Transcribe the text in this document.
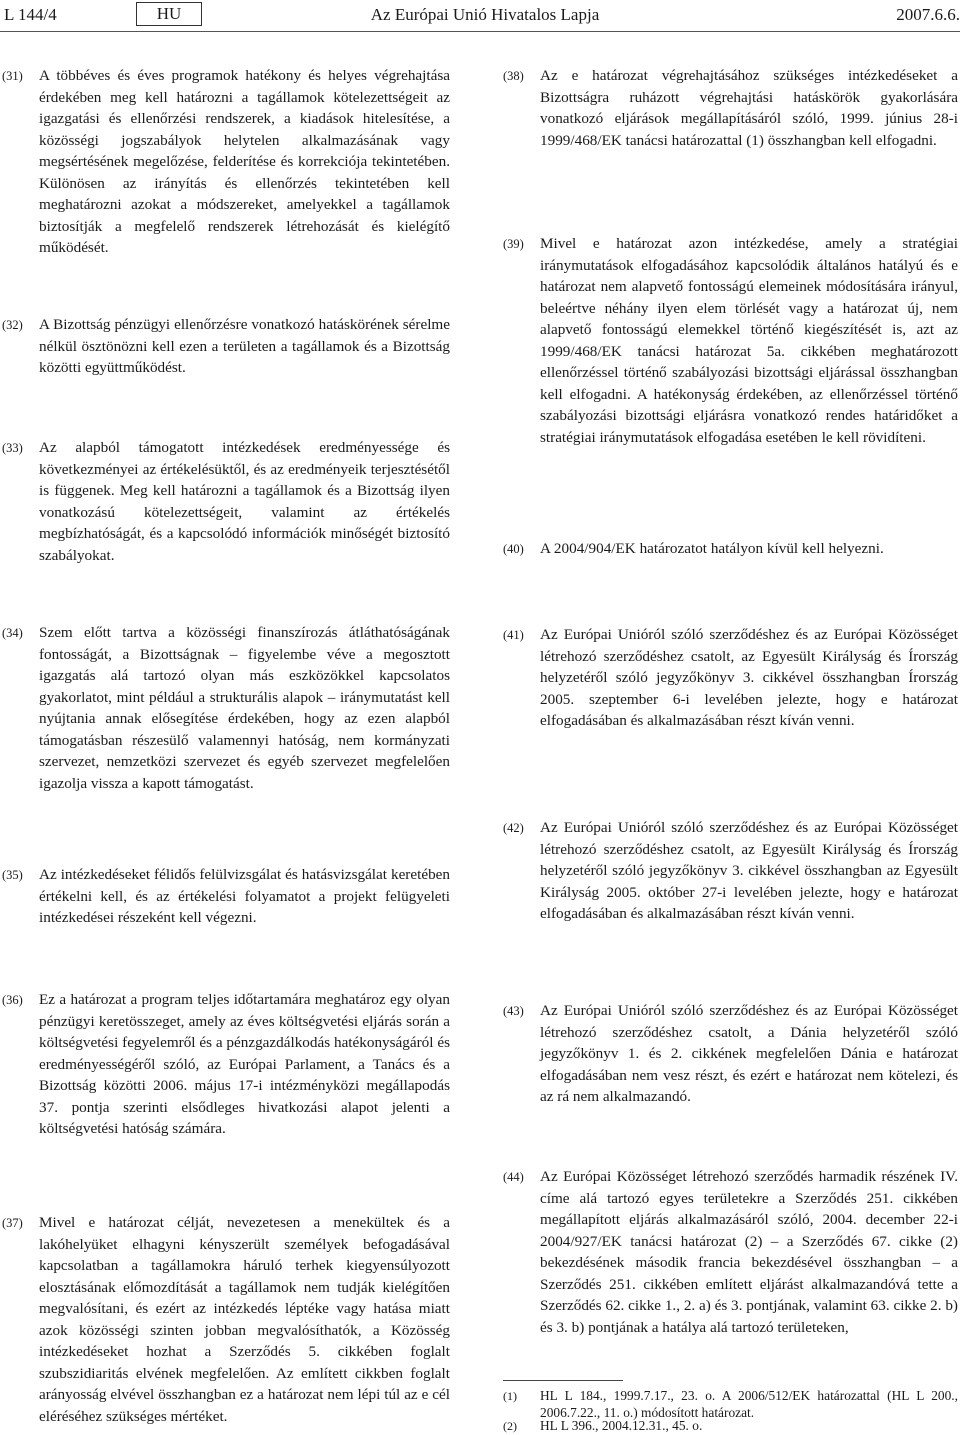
L 144/4	HU	Az Európai Unió Hivatalos Lapja	2007.6.6.
(31) A többéves és éves programok hatékony és helyes végrehajtása érdekében meg kell határozni a tagállamok kötelezettségeit az igazgatási és ellenőrzési rendszerek, a kiadások hitelesítése, a közösségi jogszabályok helytelen alkalmazásának vagy megsértésének megelőzése, felderítése és korrekciója tekintetében. Különösen az irányítás és ellenőrzés tekintetében kell meghatározni azokat a módszereket, amelyekkel a tagállamok biztosítják a megfelelő rendszerek létrehozását és kielégítő működését.
(32) A Bizottság pénzügyi ellenőrzésre vonatkozó hatáskörének sérelme nélkül ösztönözni kell ezen a területen a tagállamok és a Bizottság közötti együttműködést.
(33) Az alapból támogatott intézkedések eredményessége és következményei az értékelésüktől, és az eredményeik terjesztésétől is függenek. Meg kell határozni a tagállamok és a Bizottság ilyen vonatkozású kötelezettségeit, valamint az értékelés megbízhatóságát, és a kapcsolódó információk minőségét biztosító szabályokat.
(34) Szem előtt tartva a közösségi finanszírozás átláthatóságának fontosságát, a Bizottságnak – figyelembe véve a megosztott igazgatás alá tartozó olyan más eszközökkel kapcsolatos gyakorlatot, mint például a strukturális alapok – iránymutatást kell nyújtania annak elősegítése érdekében, hogy az ezen alapból támogatásban részesülő valamennyi hatóság, nem kormányzati szervezet, nemzetközi szervezet és egyéb szervezet megfelelően igazolja vissza a kapott támogatást.
(35) Az intézkedéseket félidős felülvizsgálat és hatásvizsgálat keretében értékelni kell, és az értékelési folyamatot a projekt felügyeleti intézkedései részeként kell végezni.
(36) Ez a határozat a program teljes időtartamára meghatároz egy olyan pénzügyi keretösszeget, amely az éves költségvetési eljárás során a költségvetési fegyelemről és a pénzgazdálkodás hatékonyságáról és eredményességéről szóló, az Európai Parlament, a Tanács és a Bizottság közötti 2006. május 17-i intézményközi megállapodás 37. pontja szerinti elsődleges hivatkozási alapot jelenti a költségvetési hatóság számára.
(37) Mivel e határozat célját, nevezetesen a menekültek és a lakóhelyüket elhagyni kényszerült személyek befogadásával kapcsolatban a tagállamokra háruló terhek kiegyensúlyozott elosztásának előmozdítását a tagállamok nem tudják kielégítően megvalósítani, és ezért az intézkedés léptéke vagy hatása miatt azok közösségi szinten jobban megvalósíthatók, a Közösség intézkedéseket hozhat a Szerződés 5. cikkében foglalt szubszidiaritás elvének megfelelően. Az említett cikkben foglalt arányosság elvével összhangban ez a határozat nem lépi túl az e cél eléréséhez szükséges mértéket.
(38) Az e határozat végrehajtásához szükséges intézkedéseket a Bizottságra ruházott végrehajtási hatáskörök gyakorlására vonatkozó eljárások megállapításáról szóló, 1999. június 28-i 1999/468/EK tanácsi határozattal (1) összhangban kell elfogadni.
(39) Mivel e határozat azon intézkedése, amely a stratégiai iránymutatások elfogadásához kapcsolódik általános hatályú és e határozat nem alapvető fontosságú elemeinek módosítására irányul, beleértve néhány ilyen elem törlését vagy a határozat új, nem alapvető fontosságú elemekkel történő kiegészítését is, azt az 1999/468/EK tanácsi határozat 5a. cikkében meghatározott ellenőrzéssel történő szabályozási bizottsági eljárással összhangban kell elfogadni. A hatékonyság érdekében, az ellenőrzéssel történő szabályozási bizottsági eljárásra vonatkozó rendes határidőket a stratégiai iránymutatások elfogadása esetében le kell rövidíteni.
(40) A 2004/904/EK határozatot hatályon kívül kell helyezni.
(41) Az Európai Unióról szóló szerződéshez és az Európai Közösséget létrehozó szerződéshez csatolt, az Egyesült Királyság és Írország helyzetéről szóló jegyzőkönyv 3. cikkével összhangban Írország 2005. szeptember 6-i levelében jelezte, hogy e határozat elfogadásában és alkalmazásában részt kíván venni.
(42) Az Európai Unióról szóló szerződéshez és az Európai Közösséget létrehozó szerződéshez csatolt, az Egyesült Királyság és Írország helyzetéről szóló jegyzőkönyv 3. cikkével összhangban az Egyesült Királyság 2005. október 27-i levelében jelezte, hogy e határozat elfogadásában és alkalmazásában részt kíván venni.
(43) Az Európai Unióról szóló szerződéshez és az Európai Közösséget létrehozó szerződéshez csatolt, a Dánia helyzetéről szóló jegyzőkönyv 1. és 2. cikkének megfelelően Dánia e határozat elfogadásában nem vesz részt, és ezért e határozat nem kötelezi, és az rá nem alkalmazandó.
(44) Az Európai Közösséget létrehozó szerződés harmadik részének IV. címe alá tartozó egyes területekre a Szerződés 251. cikkében megállapított eljárás alkalmazásáról szóló, 2004. december 22-i 2004/927/EK tanácsi határozat (2) – a Szerződés 67. cikke (2) bekezdésének második francia bekezdésével összhangban – a Szerződés 251. cikkében említett eljárást alkalmazandóvá tette a Szerződés 62. cikke 1., 2. a) és 3. pontjának, valamint 63. cikke 2. b) és 3. b) pontjának a hatálya alá tartozó területeken,
(1) HL L 184., 1999.7.17., 23. o. A 2006/512/EK határozattal (HL L 200., 2006.7.22., 11. o.) módosított határozat.
(2) HL L 396., 2004.12.31., 45. o.
